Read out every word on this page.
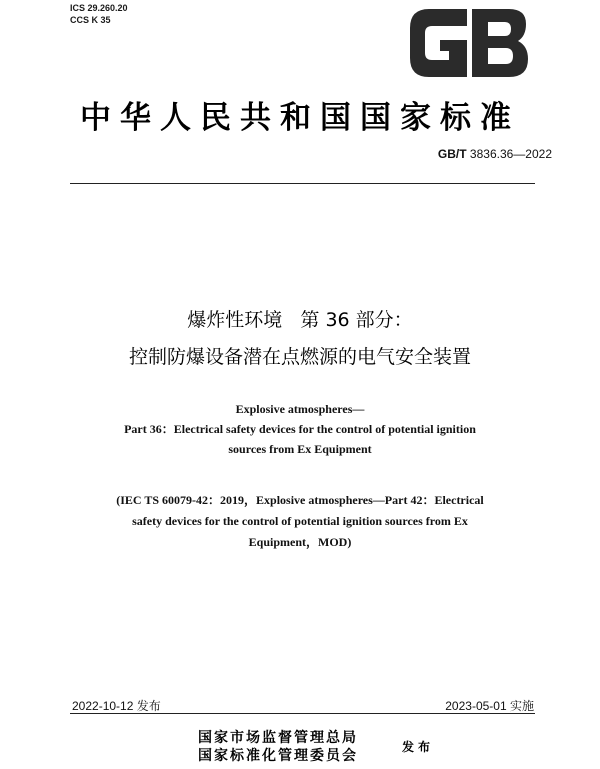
ICS 29.260.20
CCS K 35
中华人民共和国国家标准
GB/T 3836.36—2022
爆炸性环境   第 36 部分：
控制防爆设备潜在点燃源的电气安全装置
Explosive atmospheres—
Part 36：Electrical safety devices for the control of potential ignition
sources from Ex Equipment
(IEC TS 60079-42：2019，Explosive atmospheres—Part 42：Electrical
safety devices for the control of potential ignition sources from Ex
Equipment，MOD)
2022-10-12 发布	2023-05-01 实施
国家市场监督管理总局
国家标准化管理委员会
发布
